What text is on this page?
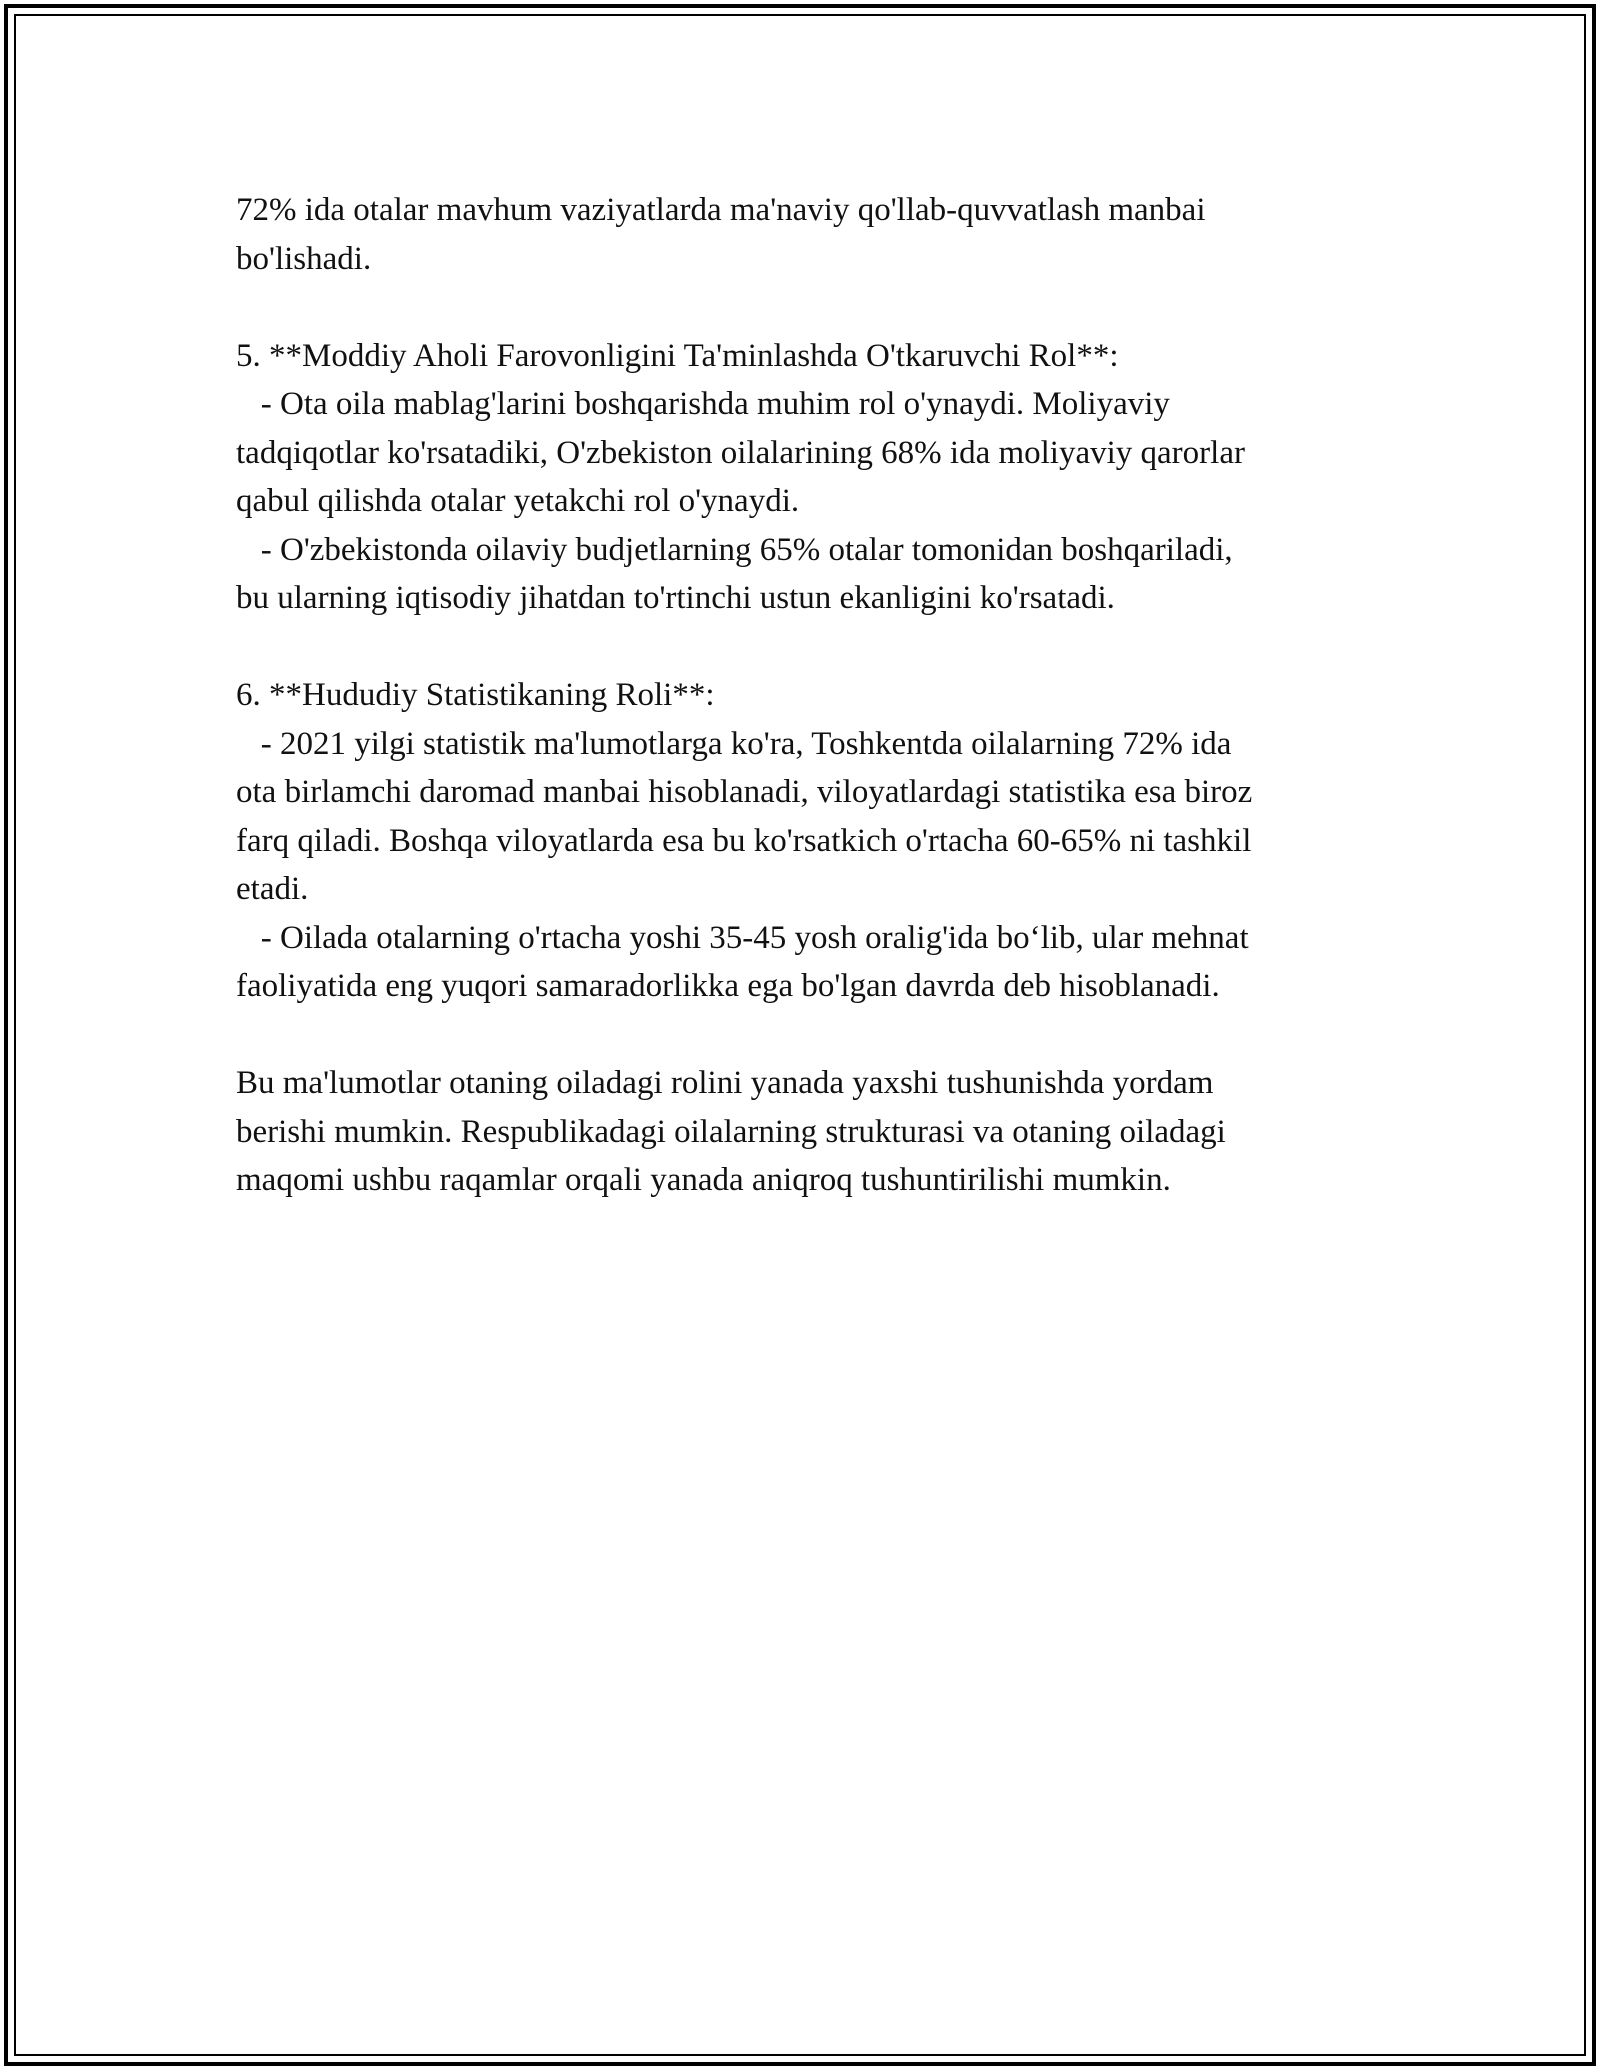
72% ida otalar mavhum vaziyatlarda ma'naviy qo'llab-quvvatlash manbai

bo'lishadi.

5. **Moddiy Aholi Farovonligini Ta'minlashda O'tkaruvchi Rol**:

- Ota oila mablag'larini boshqarishda muhim rol o'ynaydi. Moliyaviy

tadqiqotlar ko'rsatadiki, O'zbekiston oilalarining 68% ida moliyaviy qarorlar

qabul qilishda otalar yetakchi rol o'ynaydi.

- O'zbekistonda oilaviy budjetlarning 65% otalar tomonidan boshqariladi,

bu ularning iqtisodiy jihatdan to'rtinchi ustun ekanligini ko'rsatadi.

6. **Hududiy Statistikaning Roli**:

- 2021 yilgi statistik ma'lumotlarga ko'ra, Toshkentda oilalarning 72% ida

ota birlamchi daromad manbai hisoblanadi, viloyatlardagi statistika esa biroz

farq qiladi. Boshqa viloyatlarda esa bu ko'rsatkich o'rtacha 60-65% ni tashkil

etadi.

- Oilada otalarning o'rtacha yoshi 35-45 yosh oralig'ida bo‘lib, ular mehnat

faoliyatida eng yuqori samaradorlikka ega bo'lgan davrda deb hisoblanadi.

Bu ma'lumotlar otaning oiladagi rolini yanada yaxshi tushunishda yordam

berishi mumkin. Respublikadagi oilalarning strukturasi va otaning oiladagi

maqomi ushbu raqamlar orqali yanada aniqroq tushuntirilishi mumkin.
